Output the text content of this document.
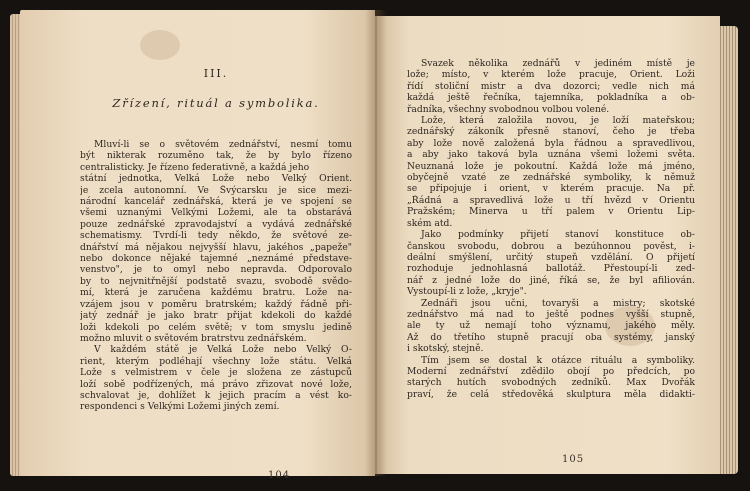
III.
Zřízení, rituál a symbolika.
Mluví-li se o světovém zednářství, nesmí tomu
být nikterak rozuměno tak, že by bylo řízeno
centralisticky. Je řízeno federativně, a každá jeho
státní jednotka, Velká Lože nebo Velký Orient.
je zcela autonomní. Ve Švýcarsku je sice mezi-
národní kancelář zednářská, která je ve spojení se
všemi uznanými Velkými Ložemi, ale ta obstarává
pouze zednářské zpravodajství a vydává zednářské
schematismy. Tvrdí-li tedy někdo, že světové ze-
dnářství má nějakou nejvyšší hlavu, jakéhos „papeže"
nebo dokonce nějaké tajemné „neznámé představe-
venstvo", je to omyl nebo nepravda. Odporovalo
by to nejvnitřnější podstatě svazu, svobodě svědo-
mí, která je zaručena každému bratru. Lože na-
vzájem jsou v poměru bratrském; každý řádně při-
jatý zednář je jako bratr přijat kdekoli do každé
loži kdekoli po celém světě; v tom smyslu jedině
možno mluvit o světovém bratrstvu zednářském.
V každém státě je Velká Lože nebo Velký O-
rient, kterým podléhají všechny lože státu. Velká
Lože s velmistrem v čele je složena ze zástupců
loží sobě podřízených, má právo zřizovat nové lože,
schvalovat je, dohlížet k jejich pracím a vést ko-
respondenci s Velkými Ložemi jiných zemí.
104
Svazek několika zednářů v jediném místě je
lože; místo, v kterém lože pracuje, Orient. Loži
řídí stoliční mistr a dva dozorci; vedle nich má
každá ještě řečníka, tajemníka, pokladníka a ob-
řadníka, všechny svobodnou volbou volené.
Lože, která založila novou, je loží mateřskou;
zednářský zákoník přesně stanoví, čeho je třeba
aby lože nově založená byla řádnou a spravedlivou,
a aby jako taková byla uznána všemi ložemi světa.
Neuznaná lože je pokoutní. Každá lože má jméno,
obyčejně vzaté ze zednářské symboliky, k němuž
se připojuje i orient, v kterém pracuje. Na př.
„Řádná a spravedlivá lože u tří hvězd v Orientu
Pražském; Minerva u tří palem v Orientu Lip-
ském atd.
Jako podmínky přijetí stanoví konstituce ob-
čanskou svobodu, dobrou a bezúhonnou pověst, i-
deální smýšlení, určitý stupeň vzdělání. O přijetí
rozhoduje jednohlasná ballotáž. Přestoupí-li zed-
nář z jedné lože do jiné, říká se, že byl afiliován.
Vystoupí-li z lože, „kryje".
Zednáři jsou učni, tovaryši a mistry; skotské
zednářstvo má nad to ještě podnes vyšší stupně,
ale ty už nemají toho významu, jakého měly.
Až do třetího stupně pracují oba systémy, janský
i skotský, stejně.
Tím jsem se dostal k otázce rituálu a symboliky.
Moderní zednářství zdědilo obojí po předcích, po
starých hutích svobodných zedníků. Max Dvořák
praví, že celá středověká skulptura měla didakti-
105
